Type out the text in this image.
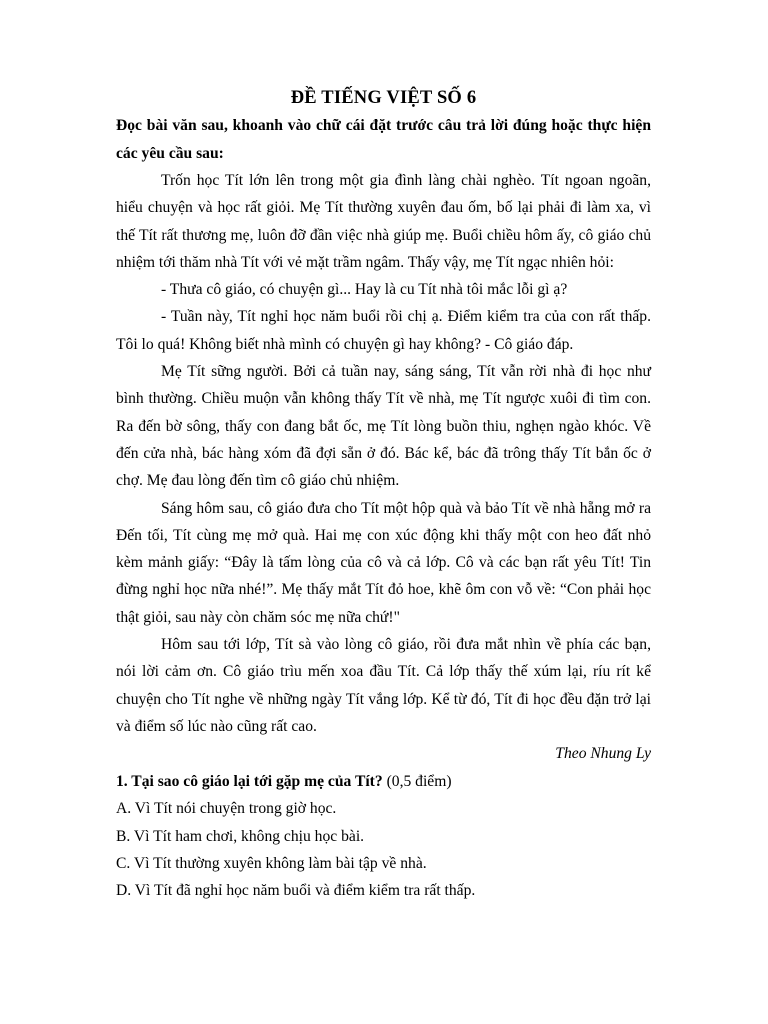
ĐỀ TIẾNG VIỆT SỐ 6

Đọc bài văn sau, khoanh vào chữ cái đặt trước câu trả lời đúng hoặc thực hiện các yêu cầu sau:

Trốn học Tít lớn lên trong một gia đình làng chài nghèo. Tít ngoan ngoãn, hiểu chuyện và học rất giỏi. Mẹ Tít thường xuyên đau ốm, bố lại phải đi làm xa, vì thế Tít rất thương mẹ, luôn đỡ đần việc nhà giúp mẹ. Buổi chiều hôm ấy, cô giáo chủ nhiệm tới thăm nhà Tít với vẻ mặt trầm ngâm. Thấy vậy, mẹ Tít ngạc nhiên hỏi:

- Thưa cô giáo, có chuyện gì... Hay là cu Tít nhà tôi mắc lỗi gì ạ?

- Tuần này, Tít nghỉ học năm buổi rồi chị ạ. Điểm kiểm tra của con rất thấp. Tôi lo quá! Không biết nhà mình có chuyện gì hay không? - Cô giáo đáp.

Mẹ Tít sững người. Bởi cả tuần nay, sáng sáng, Tít vẫn rời nhà đi học như bình thường. Chiều muộn vẫn không thấy Tít về nhà, mẹ Tít ngược xuôi đi tìm con. Ra đến bờ sông, thấy con đang bắt ốc, mẹ Tít lòng buồn thiu, nghẹn ngào khóc. Về đến cửa nhà, bác hàng xóm đã đợi sẵn ở đó. Bác kể, bác đã trông thấy Tít bắn ốc ở chợ. Mẹ đau lòng đến tìm cô giáo chủ nhiệm.

Sáng hôm sau, cô giáo đưa cho Tít một hộp quà và bảo Tít về nhà hẵng mở ra Đến tối, Tít cùng mẹ mở quà. Hai mẹ con xúc động khi thấy một con heo đất nhỏ kèm mảnh giấy: “Đây là tấm lòng của cô và cả lớp. Cô và các bạn rất yêu Tít! Tin đừng nghỉ học nữa nhé!”. Mẹ thấy mắt Tít đỏ hoe, khẽ ôm con vỗ về: “Con phải học thật giỏi, sau này còn chăm sóc mẹ nữa chứ!"

Hôm sau tới lớp, Tít sà vào lòng cô giáo, rồi đưa mắt nhìn về phía các bạn, nói lời cảm ơn. Cô giáo trìu mến xoa đầu Tít. Cả lớp thấy thế xúm lại, ríu rít kể chuyện cho Tít nghe về những ngày Tít vắng lớp. Kể từ đó, Tít đi học đều đặn trở lại và điểm số lúc nào cũng rất cao.

Theo Nhung Ly

1. Tại sao cô giáo lại tới gặp mẹ của Tít? (0,5 điểm)

A. Vì Tít nói chuyện trong giờ học.

B. Vì Tít ham chơi, không chịu học bài.

C. Vì Tít thường xuyên không làm bài tập về nhà.

D. Vì Tít đã nghỉ học năm buổi và điểm kiểm tra rất thấp.
